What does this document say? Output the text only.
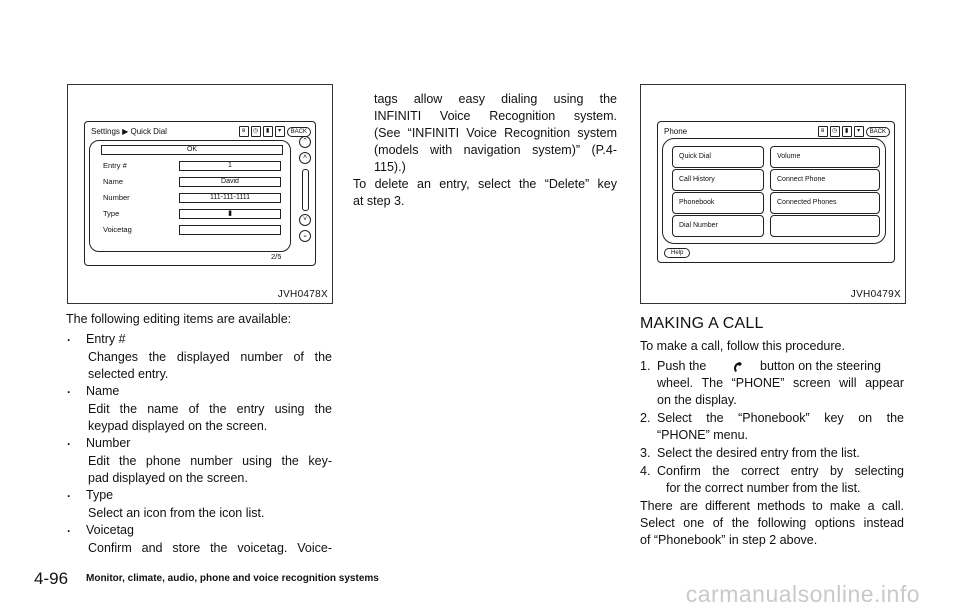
Settings ▶ Quick Dial	ʙ	◷	▮	▾	BACK
OK
Entry #	1
Name	David
Number	111-111-1111
Type	▮
Voicetag
⌃
˄
˅
⌄
2/5
JVH0478X
Phone	ʙ	◷	▮	▾	BACK
Quick Dial
Call History
Phonebook
Dial Number
Volume
Connect Phone
Connected Phones
Help
JVH0479X
The following editing items are available:
. Entry #
Changes the displayed number of the
selected entry.
. Name
Edit the name of the entry using the
keypad displayed on the screen.
. Number
Edit the phone number using the key-
pad displayed on the screen.
. Type
Select an icon from the icon list.
. Voicetag
Confirm and store the voicetag. Voice-
tags allow easy dialing using the
INFINITI Voice Recognition system.
(See “INFINITI Voice Recognition system
(models with navigation system)” (P.4-
115).)
To delete an entry, select the “Delete” key
at step 3.
MAKING A CALL
To make a call, follow this procedure.
1. Push the	button on the steering
wheel. The “PHONE” screen will appear
on the display.
2. Select the “Phonebook” key on the
“PHONE” menu.
3. Select the desired entry from the list.
4. Confirm the correct entry by selecting
for the correct number from the list.
There are different methods to make a call.
Select one of the following options instead
of “Phonebook” in step 2 above.
4-96 Monitor, climate, audio, phone and voice recognition systems
carmanualsonline.info
